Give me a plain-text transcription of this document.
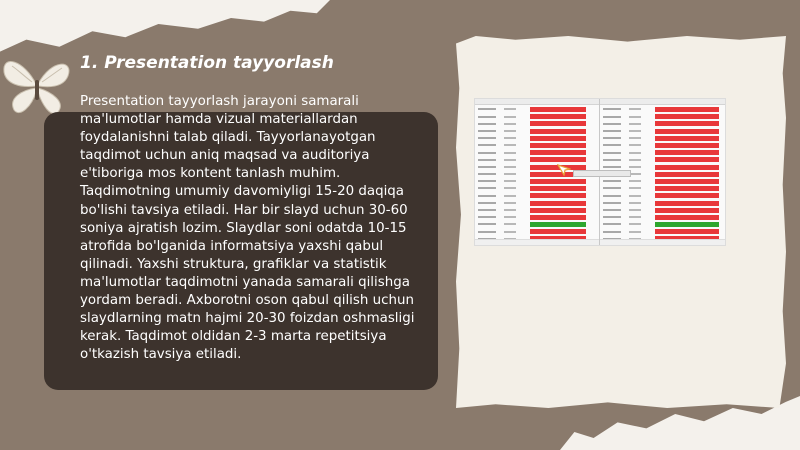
1. Presentation tayyorlash
Presentation tayyorlash jarayoni samarali ma'lumotlar hamda vizual materiallardan foydalanishni talab qiladi. Tayyorlanayotgan taqdimot uchun aniq maqsad va auditoriya e'tiboriga mos kontent tanlash muhim. Taqdimotning umumiy davomiyligi 15-20 daqiqa bo'lishi tavsiya etiladi. Har bir slayd uchun 30-60 soniya ajratish lozim. Slaydlar soni odatda 10-15 atrofida bo'lganida informatsiya yaxshi qabul qilinadi. Yaxshi struktura, grafiklar va statistik ma'lumotlar taqdimotni yanada samarali qilishga yordam beradi. Axborotni oson qabul qilish uchun slaydlarning matn hajmi 20-30 foizdan oshmasligi kerak. Taqdimot oldidan 2-3 marta repetitsiya o'tkazish tavsiya etiladi.
